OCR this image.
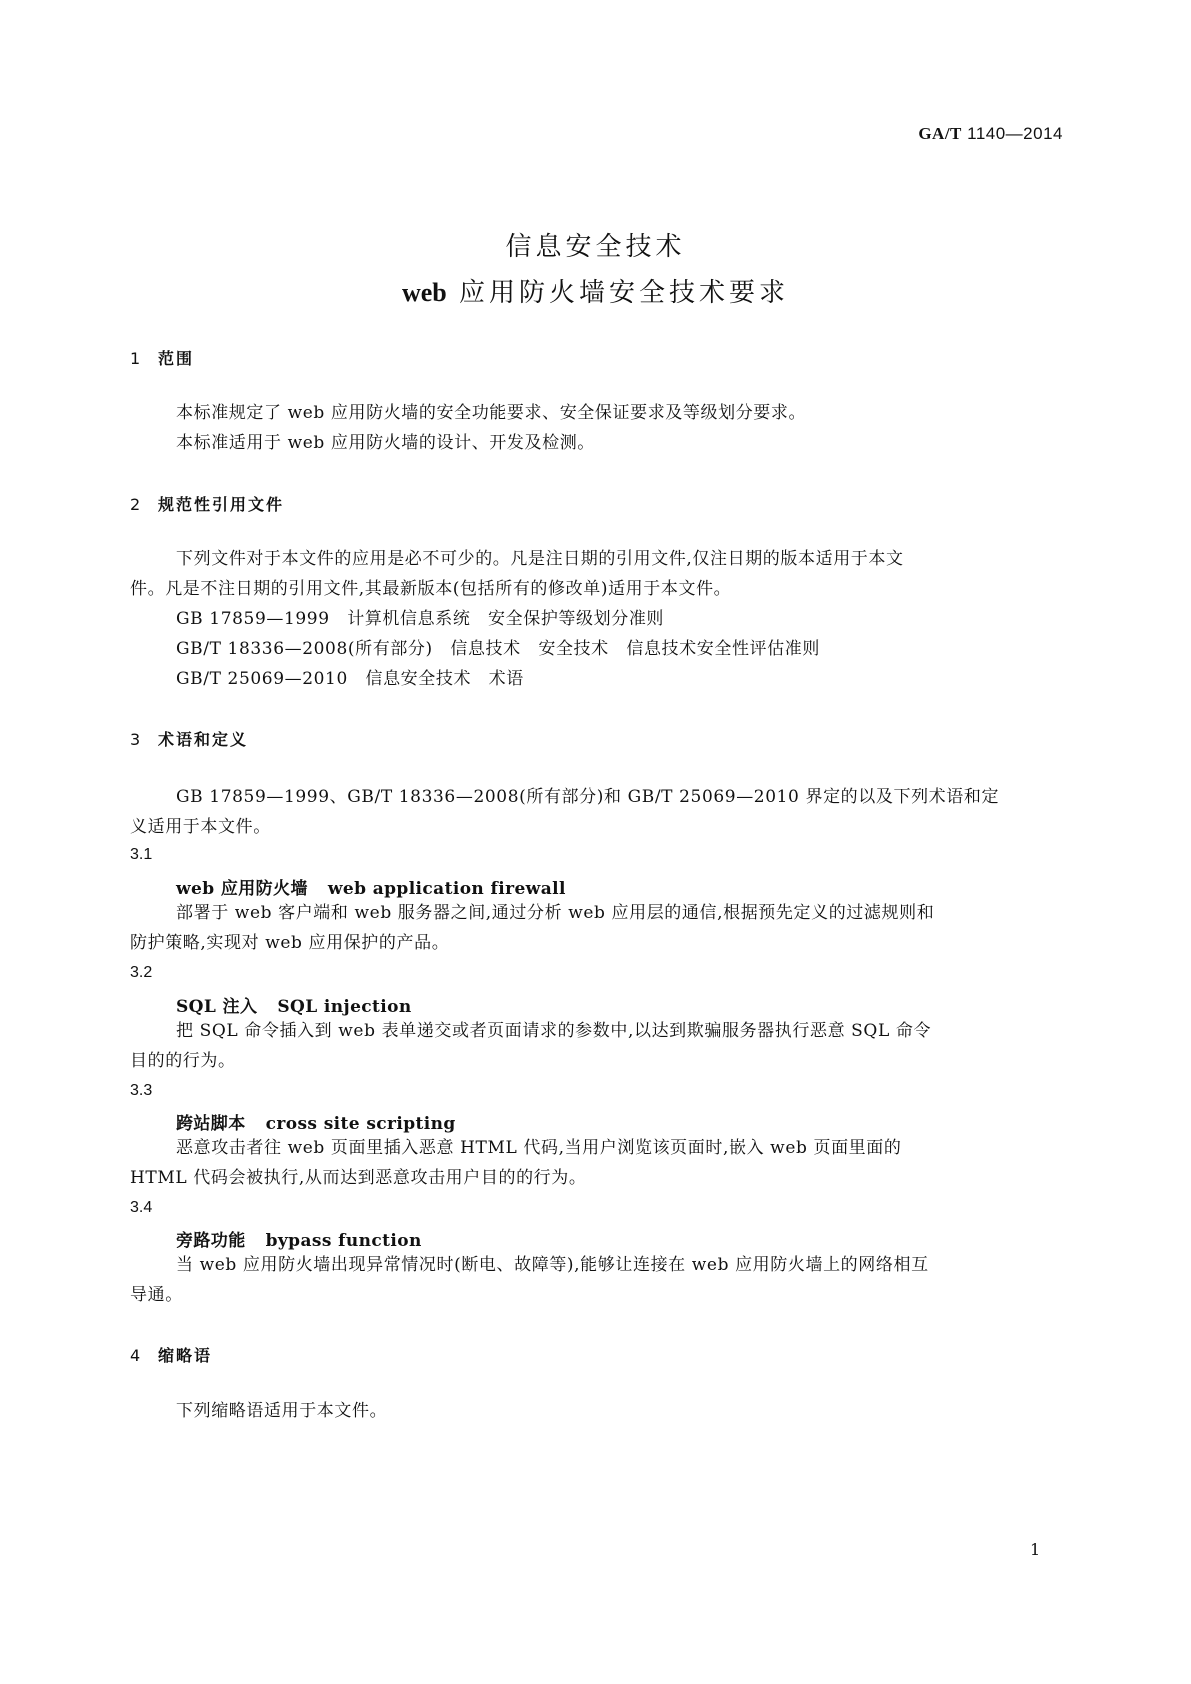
GA/T 1140—2014
信息安全技术
web 应用防火墙安全技术要求
1 范围
本标准规定了 web 应用防火墙的安全功能要求、安全保证要求及等级划分要求。
本标准适用于 web 应用防火墙的设计、开发及检测。
2 规范性引用文件
下列文件对于本文件的应用是必不可少的。凡是注日期的引用文件,仅注日期的版本适用于本文
件。凡是不注日期的引用文件,其最新版本(包括所有的修改单)适用于本文件。
GB 17859—1999　计算机信息系统　安全保护等级划分准则
GB/T 18336—2008(所有部分)　信息技术　安全技术　信息技术安全性评估准则
GB/T 25069—2010　信息安全技术　术语
3 术语和定义
GB 17859—1999、GB/T 18336—2008(所有部分)和 GB/T 25069—2010 界定的以及下列术语和定
义适用于本文件。
3.1
web 应用防火墙 web application firewall
部署于 web 客户端和 web 服务器之间,通过分析 web 应用层的通信,根据预先定义的过滤规则和
防护策略,实现对 web 应用保护的产品。
3.2
SQL 注入 SQL injection
把 SQL 命令插入到 web 表单递交或者页面请求的参数中,以达到欺骗服务器执行恶意 SQL 命令
目的的行为。
3.3
跨站脚本 cross site scripting
恶意攻击者往 web 页面里插入恶意 HTML 代码,当用户浏览该页面时,嵌入 web 页面里面的
HTML 代码会被执行,从而达到恶意攻击用户目的的行为。
3.4
旁路功能 bypass function
当 web 应用防火墙出现异常情况时(断电、故障等),能够让连接在 web 应用防火墙上的网络相互
导通。
4 缩略语
下列缩略语适用于本文件。
1
